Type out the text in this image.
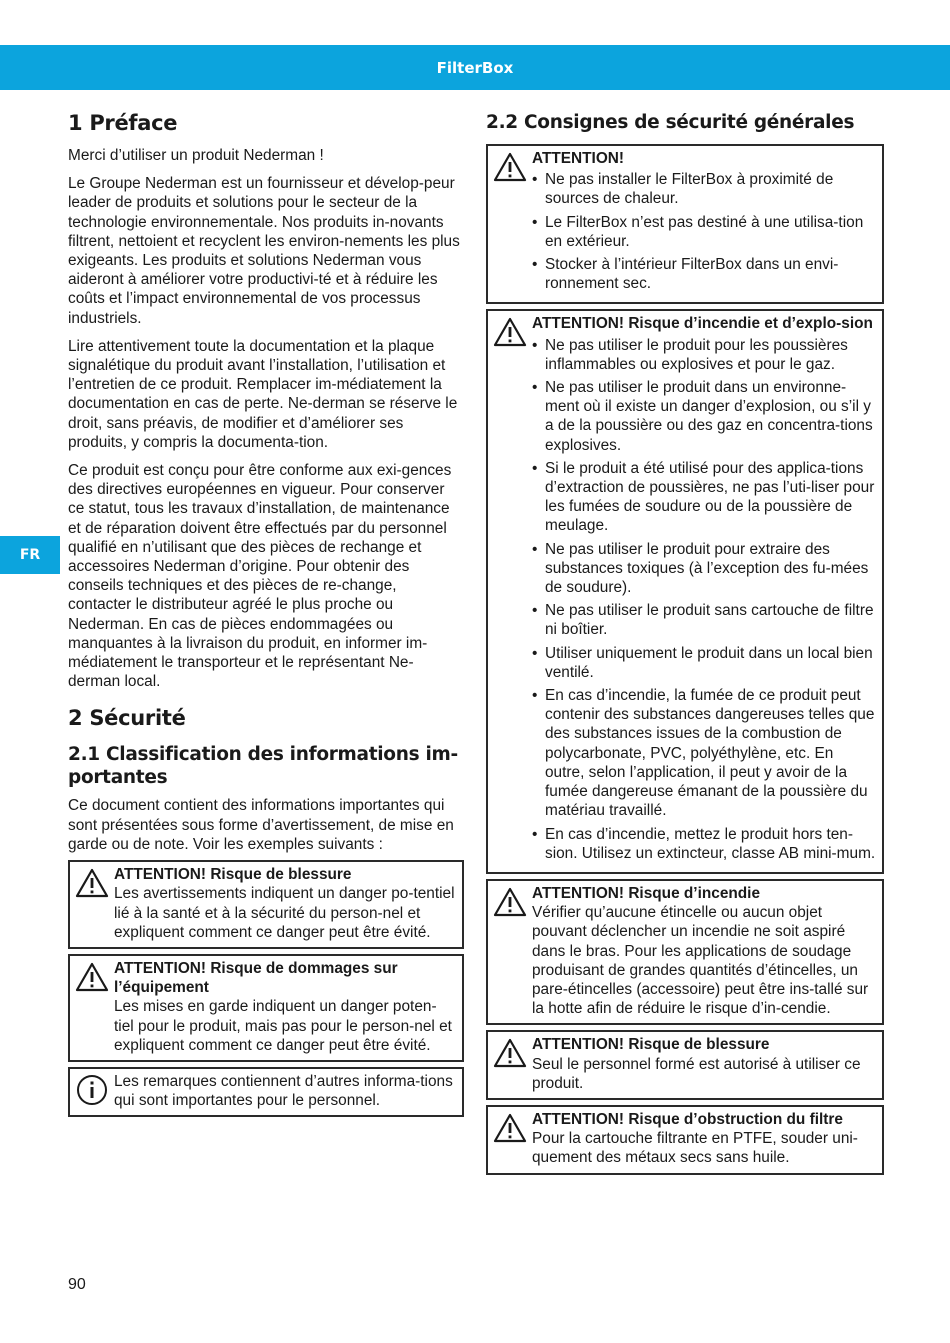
FilterBox
FR
1 Préface

Merci d’utiliser un produit Nederman !

Le Groupe Nederman est un fournisseur et dévelop-peur leader de produits et solutions pour le secteur de la technologie environnementale. Nos produits in-novants filtrent, nettoient et recyclent les environ-nements les plus exigeants. Les produits et solutions Nederman vous aideront à améliorer votre productivi-té et à réduire les coûts et l’impact environnemental de vos processus industriels.

Lire attentivement toute la documentation et la plaque signalétique du produit avant l’installation, l’utilisation et l’entretien de ce produit. Remplacer im-médiatement la documentation en cas de perte. Ne-derman se réserve le droit, sans préavis, de modifier et d’améliorer ses produits, y compris la documenta-tion.

Ce produit est conçu pour être conforme aux exi-gences des directives européennes en vigueur. Pour conserver ce statut, tous les travaux d’installation, de maintenance et de réparation doivent être effectués par du personnel qualifié en n’utilisant que des pièces de rechange et accessoires Nederman d’origine. Pour obtenir des conseils techniques et des pièces de re-change, contacter le distributeur agréé le plus proche ou Nederman. En cas de pièces endommagées ou manquantes à la livraison du produit, en informer im-médiatement le transporteur et le représentant Ne-derman local.

2 Sécurité
2.1 Classification des informations im-portantes

Ce document contient des informations importantes qui sont présentées sous forme d’avertissement, de mise en garde ou de note. Voir les exemples suivants :

ATTENTION! Risque de blessure
Les avertissements indiquent un danger po-tentiel lié à la santé et à la sécurité du person-nel et expliquent comment ce danger peut être évité.
ATTENTION! Risque de dommages sur l’équipement
Les mises en garde indiquent un danger poten-tiel pour le produit, mais pas pour le person-nel et expliquent comment ce danger peut être évité.
Les remarques contiennent d’autres informa-tions qui sont importantes pour le personnel.
2.2 Consignes de sécurité générales
ATTENTION!
• Ne pas installer le FilterBox à proximité de sources de chaleur.
• Le FilterBox n’est pas destiné à une utilisa-tion en extérieur.
• Stocker à l’intérieur FilterBox dans un envi-ronnement sec.
ATTENTION! Risque d’incendie et d’explo-sion
• Ne pas utiliser le produit pour les poussières inflammables ou explosives et pour le gaz.
• Ne pas utiliser le produit dans un environne-ment où il existe un danger d’explosion, ou s’il y a de la poussière ou des gaz en concentra-tions explosives.
• Si le produit a été utilisé pour des applica-tions d’extraction de poussières, ne pas l’uti-liser pour les fumées de soudure ou de la poussière de meulage.
• Ne pas utiliser le produit pour extraire des substances toxiques (à l’exception des fu-mées de soudure).
• Ne pas utiliser le produit sans cartouche de filtre ni boîtier.
• Utiliser uniquement le produit dans un local bien ventilé.
• En cas d’incendie, la fumée de ce produit peut contenir des substances dangereuses telles que des substances issues de la combustion de polycarbonate, PVC, polyéthylène, etc. En outre, selon l’application, il peut y avoir de la fumée dangereuse émanant de la poussière du matériau travaillé.
• En cas d’incendie, mettez le produit hors ten-sion. Utilisez un extincteur, classe AB mini-mum.
ATTENTION! Risque d’incendie
Vérifier qu’aucune étincelle ou aucun objet pouvant déclencher un incendie ne soit aspiré dans le bras. Pour les applications de soudage produisant de grandes quantités d’étincelles, un pare-étincelles (accessoire) peut être ins-tallé sur la hotte afin de réduire le risque d’in-cendie.
ATTENTION! Risque de blessure
Seul le personnel formé est autorisé à utiliser ce produit.
ATTENTION! Risque d’obstruction du filtre
Pour la cartouche filtrante en PTFE, souder uni-quement des métaux secs sans huile.
90
